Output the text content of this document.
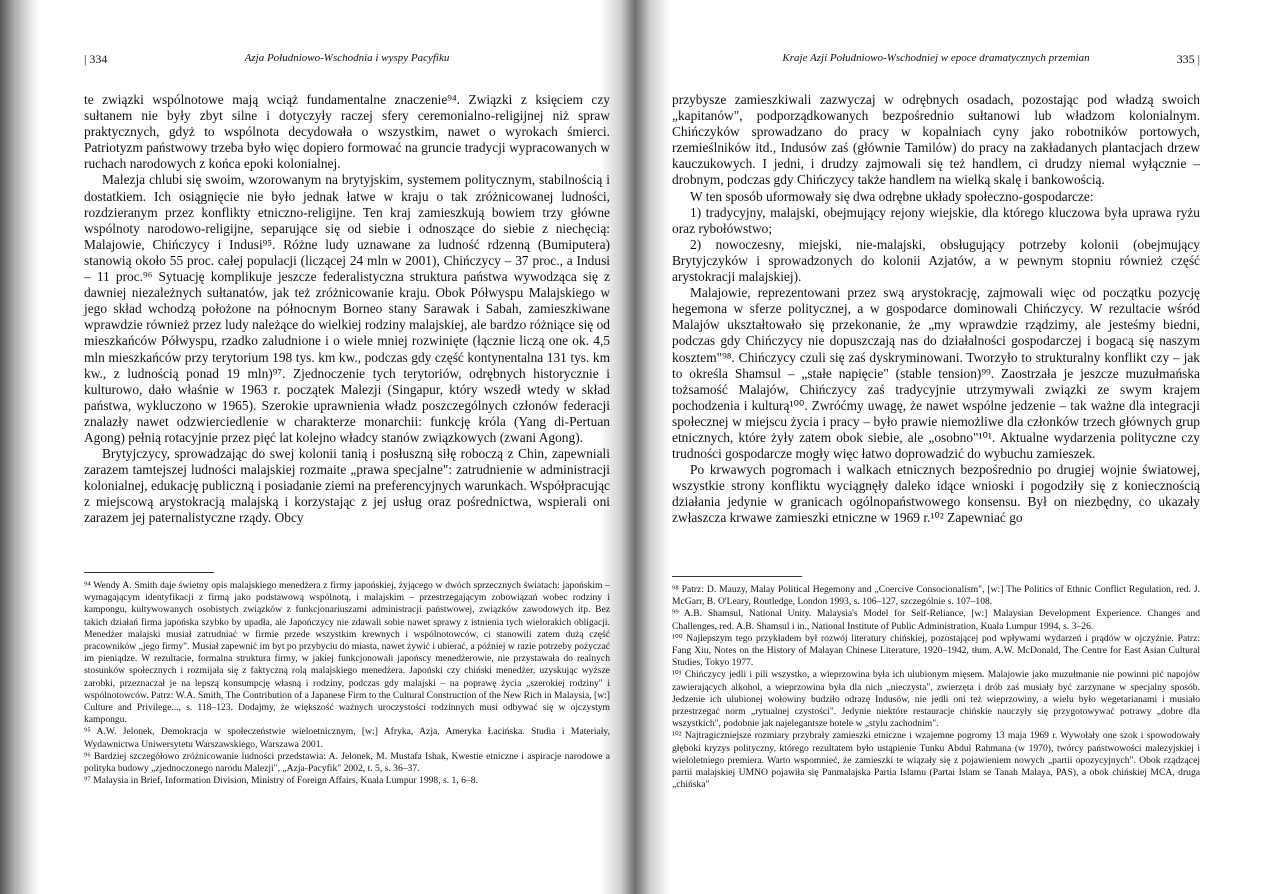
| 334	Azja Południowo-Wschodnia i wyspy Pacyfiku

te związki wspólnotowe mają wciąż fundamentalne znaczenie⁹⁴. Związki z księciem czy sułtanem nie były zbyt silne i dotyczyły raczej sfery ceremonialno-religijnej niż spraw praktycznych, gdyż to wspólnota decydowała o wszystkim, nawet o wyrokach śmierci. Patriotyzm państwowy trzeba było więc dopiero formować na gruncie tradycji wypracowanych w ruchach narodowych z końca epoki kolonialnej.

Malezja chlubi się swoim, wzorowanym na brytyjskim, systemem politycznym, stabilnością i dostatkiem. Ich osiągnięcie nie było jednak łatwe w kraju o tak zróżnicowanej ludności, rozdzieranym przez konflikty etniczno-religijne. Ten kraj zamieszkują bowiem trzy główne wspólnoty narodowo-religijne, separujące się od siebie i odnoszące do siebie z niechęcią: Malajowie, Chińczycy i Indusi⁹⁵. Różne ludy uznawane za ludność rdzenną (Bumiputera) stanowią około 55 proc. całej populacji (liczącej 24 mln w 2001), Chińczycy – 37 proc., a Indusi – 11 proc.⁹⁶ Sytuację komplikuje jeszcze federalistyczna struktura państwa wywodząca się z dawniej niezależnych sułtanatów, jak też zróżnicowanie kraju. Obok Półwyspu Malajskiego w jego skład wchodzą położone na północnym Borneo stany Sarawak i Sabah, zamieszkiwane wprawdzie również przez ludy należące do wielkiej rodziny malajskiej, ale bardzo różniące się od mieszkańców Półwyspu, rzadko zaludnione i o wiele mniej rozwinięte (łącznie liczą one ok. 4,5 mln mieszkańców przy terytorium 198 tys. km kw., podczas gdy część kontynentalna 131 tys. km kw., z ludnością ponad 19 mln)⁹⁷. Zjednoczenie tych terytoriów, odrębnych historycznie i kulturowo, dało właśnie w 1963 r. początek Malezji (Singapur, który wszedł wtedy w skład państwa, wykluczono w 1965). Szerokie uprawnienia władz poszczególnych członów federacji znalazły nawet odzwierciedlenie w charakterze monarchii: funkcję króla (Yang di-Pertuan Agong) pełnią rotacyjnie przez pięć lat kolejno władcy stanów związkowych (zwani Agong).

Brytyjczycy, sprowadzając do swej kolonii tanią i posłuszną siłę roboczą z Chin, zapewniali zarazem tamtejszej ludności malajskiej rozmaite „prawa specjalne": zatrudnienie w administracji kolonialnej, edukację publiczną i posiadanie ziemi na preferencyjnych warunkach. Współpracując z miejscową arystokracją malajską i korzystając z jej usług oraz pośrednictwa, wspierali oni zarazem jej paternalistyczne rządy. Obcy

⁹⁴ Wendy A. Smith daje świetny opis malajskiego menedżera z firmy japońskiej, żyjącego w dwóch sprzecznych światach: japońskim – wymagającym identyfikacji z firmą jako podstawową wspólnotą, i malajskim – przestrzegającym zobowiązań wobec rodziny i kampongu, kultywowanych osobistych związków z funkcjonariuszami administracji państwowej, związków zawodowych itp. Bez takich działań firma japońska szybko by upadła, ale Japończycy nie zdawali sobie nawet sprawy z istnienia tych wielorakich obligacji. Menedżer malajski musiał zatrudniać w firmie przede wszystkim krewnych i wspólnotowców, ci stanowili zatem dużą część pracowników „jego firmy". Musiał zapewnić im byt po przybyciu do miasta, nawet żywić i ubierać, a później w razie potrzeby pożyczać im pieniądze. W rezultacie, formalna struktura firmy, w jakiej funkcjonowali japońscy menedżerowie, nie przystawała do realnych stosunków społecznych i rozmijała się z faktyczną rolą malajskiego menedżera. Japoński czy chiński menedżer, uzyskując wyższe zarobki, przeznaczał je na lepszą konsumpcję własną i rodziny, podczas gdy malajski – na poprawę życia „szerokiej rodziny" i wspólnotowców. Patrz: W.A. Smith, The Contribution of a Japanese Firm to the Cultural Construction of the New Rich in Malaysia, [w:] Culture and Privilege..., s. 118–123. Dodajmy, że większość ważnych uroczystości rodzinnych musi odbywać się w ojczystym kampongu.

⁹⁵ A.W. Jelonek, Demokracja w społeczeństwie wieloetnicznym, [w:] Afryka, Azja, Ameryka Łacińska. Studia i Materiały, Wydawnictwa Uniwersytetu Warszawskiego, Warszawa 2001.

⁹⁶ Bardziej szczegółowo zróżnicowanie ludności przedstawia: A. Jelonek, M. Mustafa Ishak, Kwestie etniczne i aspiracje narodowe a polityka budowy „zjednoczonego narodu Malezji", „Azja-Pacyfik" 2002, t. 5, s. 36–37.

⁹⁷ Malaysia in Brief, Information Division, Ministry of Foreign Affairs, Kuala Lumpur 1998, s. 1, 6–8.

Kraje Azji Południowo-Wschodniej w epoce dramatycznych przemian	335 |

przybysze zamieszkiwali zazwyczaj w odrębnych osadach, pozostając pod władzą swoich „kapitanów", podporządkowanych bezpośrednio sułtanowi lub władzom kolonialnym. Chińczyków sprowadzano do pracy w kopalniach cyny jako robotników portowych, rzemieślników itd., Indusów zaś (głównie Tamilów) do pracy na zakładanych plantacjach drzew kauczukowych. I jedni, i drudzy zajmowali się też handlem, ci drudzy niemal wyłącznie – drobnym, podczas gdy Chińczycy także handlem na wielką skalę i bankowością.

W ten sposób uformowały się dwa odrębne układy społeczno-gospodarcze:

1) tradycyjny, malajski, obejmujący rejony wiejskie, dla którego kluczowa była uprawa ryżu oraz rybołówstwo;

2) nowoczesny, miejski, nie-malajski, obsługujący potrzeby kolonii (obejmujący Brytyjczyków i sprowadzonych do kolonii Azjatów, a w pewnym stopniu również część arystokracji malajskiej).

Malajowie, reprezentowani przez swą arystokrację, zajmowali więc od początku pozycję hegemona w sferze politycznej, a w gospodarce dominowali Chińczycy. W rezultacie wśród Malajów ukształtowało się przekonanie, że „my wprawdzie rządzimy, ale jesteśmy biedni, podczas gdy Chińczycy nie dopuszczają nas do działalności gospodarczej i bogacą się naszym kosztem"⁹⁸. Chińczycy czuli się zaś dyskryminowani. Tworzyło to strukturalny konflikt czy – jak to określa Shamsul – „stałe napięcie" (stable tension)⁹⁹. Zaostrzała je jeszcze muzułmańska tożsamość Malajów, Chińczycy zaś tradycyjnie utrzymywali związki ze swym krajem pochodzenia i kulturą¹⁰⁰. Zwróćmy uwagę, że nawet wspólne jedzenie – tak ważne dla integracji społecznej w miejscu życia i pracy – było prawie niemożliwe dla członków trzech głównych grup etnicznych, które żyły zatem obok siebie, ale „osobno"¹⁰¹. Aktualne wydarzenia polityczne czy trudności gospodarcze mogły więc łatwo doprowadzić do wybuchu zamieszek.

Po krwawych pogromach i walkach etnicznych bezpośrednio po drugiej wojnie światowej, wszystkie strony konfliktu wyciągnęły daleko idące wnioski i pogodziły się z koniecznością działania jedynie w granicach ogólnopaństwowego konsensu. Był on niezbędny, co ukazały zwłaszcza krwawe zamieszki etniczne w 1969 r.¹⁰² Zapewniać go

⁹⁸ Patrz: D. Mauzy, Malay Political Hegemony and „Coercive Consocionalism", [w:] The Politics of Ethnic Conflict Regulation, red. J. McGarr, B. O'Leary, Routledge, London 1993, s. 106–127, szczególnie s. 107–108.

⁹⁹ A.B. Shamsul, National Unity. Malaysia's Model for Self-Reliance, [w:] Malaysian Development Experience. Changes and Challenges, red. A.B. Shamsul i in., National Institute of Public Administration, Kuala Lumpur 1994, s. 3–26.

¹⁰⁰ Najlepszym tego przykładem był rozwój literatury chińskiej, pozostającej pod wpływami wydarzeń i prądów w ojczyźnie. Patrz: Fang Xiu, Notes on the History of Malayan Chinese Literature, 1920–1942, tłum. A.W. McDonald, The Centre for East Asian Cultural Studies, Tokyo 1977.

¹⁰¹ Chińczycy jedli i pili wszystko, a wieprzowina była ich ulubionym mięsem. Malajowie jako muzułmanie nie powinni pić napojów zawierających alkohol, a wieprzowina była dla nich „nieczysta", zwierzęta i drób zaś musiały być zarzynane w specjalny sposób. Jedzenie ich ulubionej wołowiny budziło odrazę Indusów, nie jedli oni też wieprzowiny, a wielu było wegetarianami i musiało przestrzegać norm „rytualnej czystości". Jedynie niektóre restauracje chińskie nauczyły się przygotowywać potrawy „dobre dla wszystkich", podobnie jak najelegantsze hotele w „stylu zachodnim".

¹⁰² Najtragiczniejsze rozmiary przybrały zamieszki etniczne i wzajemne pogromy 13 maja 1969 r. Wywołały one szok i spowodowały głęboki kryzys polityczny, którego rezultatem było ustąpienie Tunku Abdul Rahmana (w 1970), twórcy państwowości malezyjskiej i wieloletniego premiera. Warto wspomnieć, że zamieszki te wiązały się z pojawieniem nowych „partii opozycyjnych". Obok rządzącej partii malajskiej UMNO pojawiła się Panmalajska Partia Islamu (Partai Islam se Tanah Malaya, PAS), a obok chińskiej MCA, druga „chińska"
